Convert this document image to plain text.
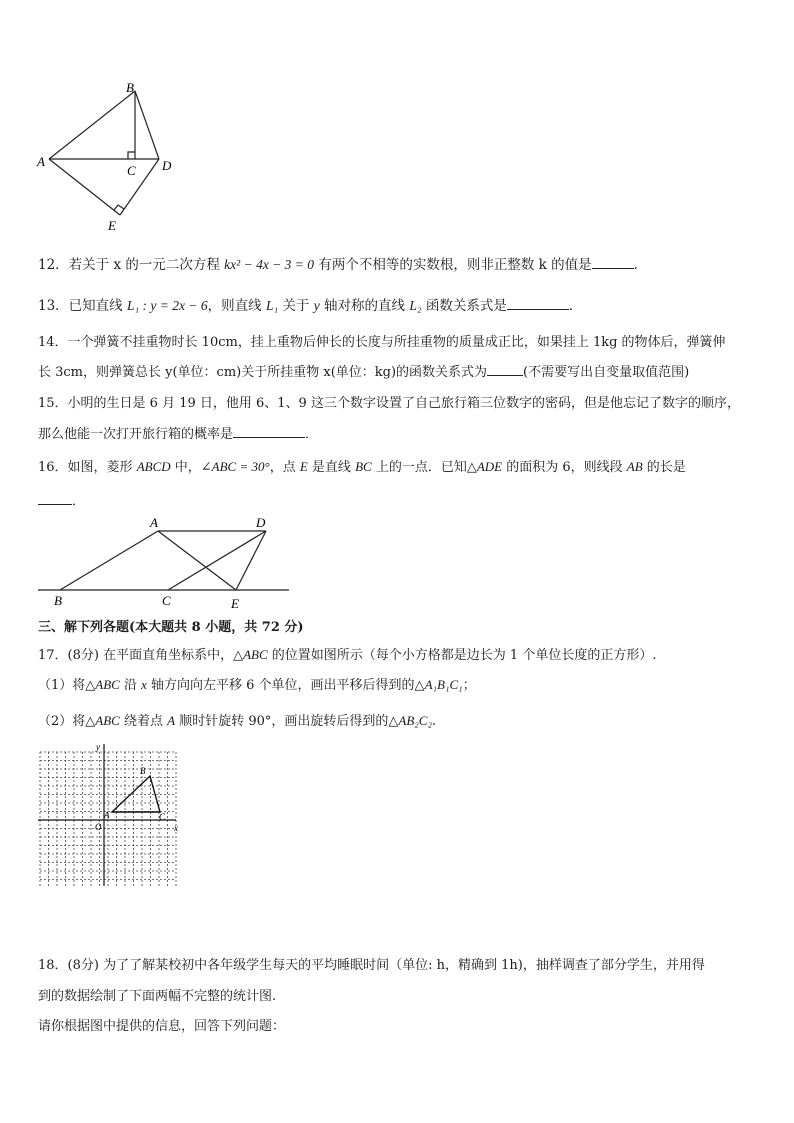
B
A
C D
E
12．若关于 x 的一元二次方程 kx² − 4x − 3 = 0 有两个不相等的实数根，则非正整数 k 的值是	．
13．已知直线 L₁ : y = 2x − 6，则直线 L₁ 关于 y 轴对称的直线 L₂ 函数关系式是	．
14．一个弹簧不挂重物时长 10cm，挂上重物后伸长的长度与所挂重物的质量成正比，如果挂上 1kg 的物体后，弹簧伸
长 3cm，则弹簧总长 y(单位：cm)关于所挂重物 x(单位：kg)的函数关系式为	(不需要写出自变量取值范围)
15．小明的生日是 6 月 19 日，他用 6、1、9 这三个数字设置了自己旅行箱三位数字的密码，但是他忘记了数字的顺序，
那么他能一次打开旅行箱的概率是	．
16．如图，菱形 ABCD 中，∠ABC = 30°，点 E 是直线 BC 上的一点．已知△ADE 的面积为 6，则线段 AB 的长是
．
A	D
B	C	E
三、解下列各题(本大题共 8 小题，共 72 分)
17．(8分) 在平面直角坐标系中，△ABC 的位置如图所示（每个小方格都是边长为 1 个单位长度的正方形）.
（1）将△ABC 沿 x 轴方向向左平移 6 个单位，画出平移后得到的△A₁B₁C₁；
（2）将△ABC 绕着点 A 顺时针旋转 90°，画出旋转后得到的△AB₂C₂.
y
x
O
A
B
C
18．(8分) 为了了解某校初中各年级学生每天的平均睡眠时间（单位: h，精确到 1h)，抽样调查了部分学生，并用得
到的数据绘制了下面两幅不完整的统计图.
请你根据图中提供的信息，回答下列问题：
